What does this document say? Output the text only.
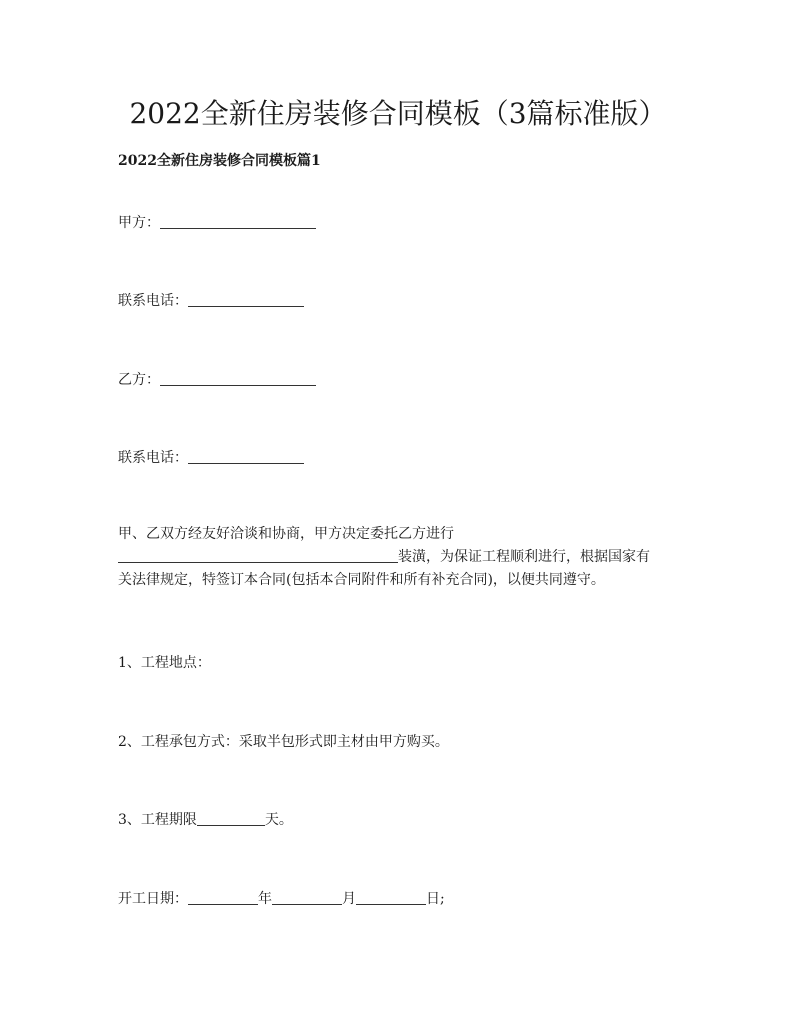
2022全新住房装修合同模板（3篇标准版）
2022全新住房装修合同模板篇1
甲方：
联系电话：
乙方：
联系电话：
甲、乙双方经友好洽谈和协商，甲方决定委托乙方进行
装潢，为保证工程顺利进行，根据国家有
关法律规定，特签订本合同(包括本合同附件和所有补充合同)，以便共同遵守。
1、工程地点：
2、工程承包方式：采取半包形式即主材由甲方购买。
3、工程期限	天。
开工日期：	年	月	日;
